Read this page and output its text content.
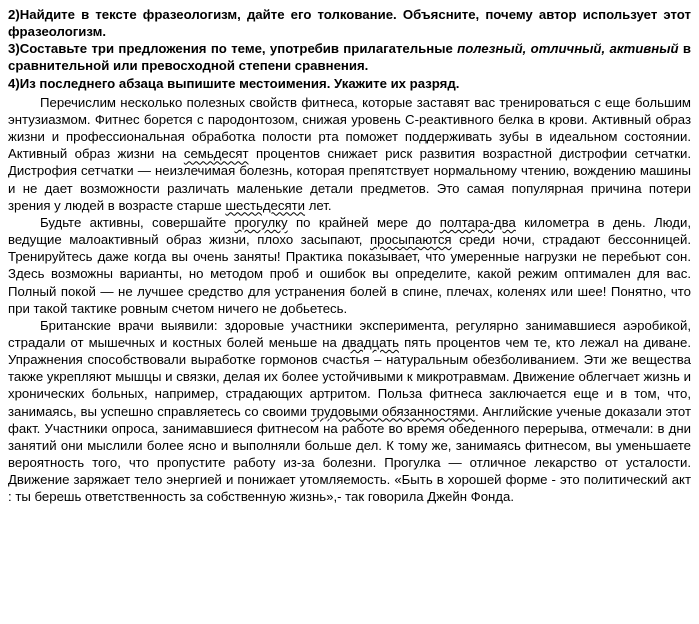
2)Найдите в тексте фразеологизм, дайте его толкование. Объясните, почему автор использует этот фразеологизм.

3)Составьте три предложения по теме, употребив прилагательные полезный, отличный, активный в сравнительной или превосходной степени сравнения.

4)Из последнего абзаца выпишите местоимения. Укажите их разряд.

Перечислим несколько полезных свойств фитнеса, которые заставят вас тренироваться с еще большим энтузиазмом. Фитнес борется с пародонтозом, снижая уровень С-реактивного белка в крови. Активный образ жизни и профессиональная обработка полости рта поможет поддерживать зубы в идеальном состоянии. Активный образ жизни на семьдесят процентов снижает риск развития возрастной дистрофии сетчатки. Дистрофия сетчатки — неизлечимая болезнь, которая препятствует нормальному чтению, вождению машины и не дает возможности различать маленькие детали предметов. Это самая популярная причина потери зрения у людей в возрасте старше шестьдесяти лет.

Будьте активны, совершайте прогулку по крайней мере до полтара-два километра в день. Люди, ведущие малоактивный образ жизни, плохо засыпают, просыпаются среди ночи, страдают бессонницей. Тренируйтесь даже когда вы очень заняты! Практика показывает, что умеренные нагрузки не перебьют сон. Здесь возможны варианты, но методом проб и ошибок вы определите, какой режим оптимален для вас. Полный покой — не лучшее средство для устранения болей в спине, плечах, коленях или шее! Понятно, что при такой тактике ровным счетом ничего не добьетесь.

Британские врачи выявили: здоровые участники эксперимента, регулярно занимавшиеся аэробикой, страдали от мышечных и костных болей меньше на двадцать пять процентов чем те, кто лежал на диване. Упражнения способствовали выработке гормонов счастья – натуральным обезболиванием. Эти же вещества также укрепляют мышцы и связки, делая их более устойчивыми к микротравмам. Движение облегчает жизнь и хронических больных, например, страдающих артритом. Польза фитнеса заключается еще и в том, что, занимаясь, вы успешно справляетесь со своими трудовыми обязанностями. Английские ученые доказали этот факт. Участники опроса, занимавшиеся фитнесом на работе во время обеденного перерыва, отмечали: в дни занятий они мыслили более ясно и выполняли больше дел. К тому же, занимаясь фитнесом, вы уменьшаете вероятность того, что пропустите работу из-за болезни. Прогулка — отличное лекарство от усталости. Движение заряжает тело энергией и понижает утомляемость. «Быть в хорошей форме - это политический акт : ты берешь ответственность за собственную жизнь»,- так говорила Джейн Фонда.
